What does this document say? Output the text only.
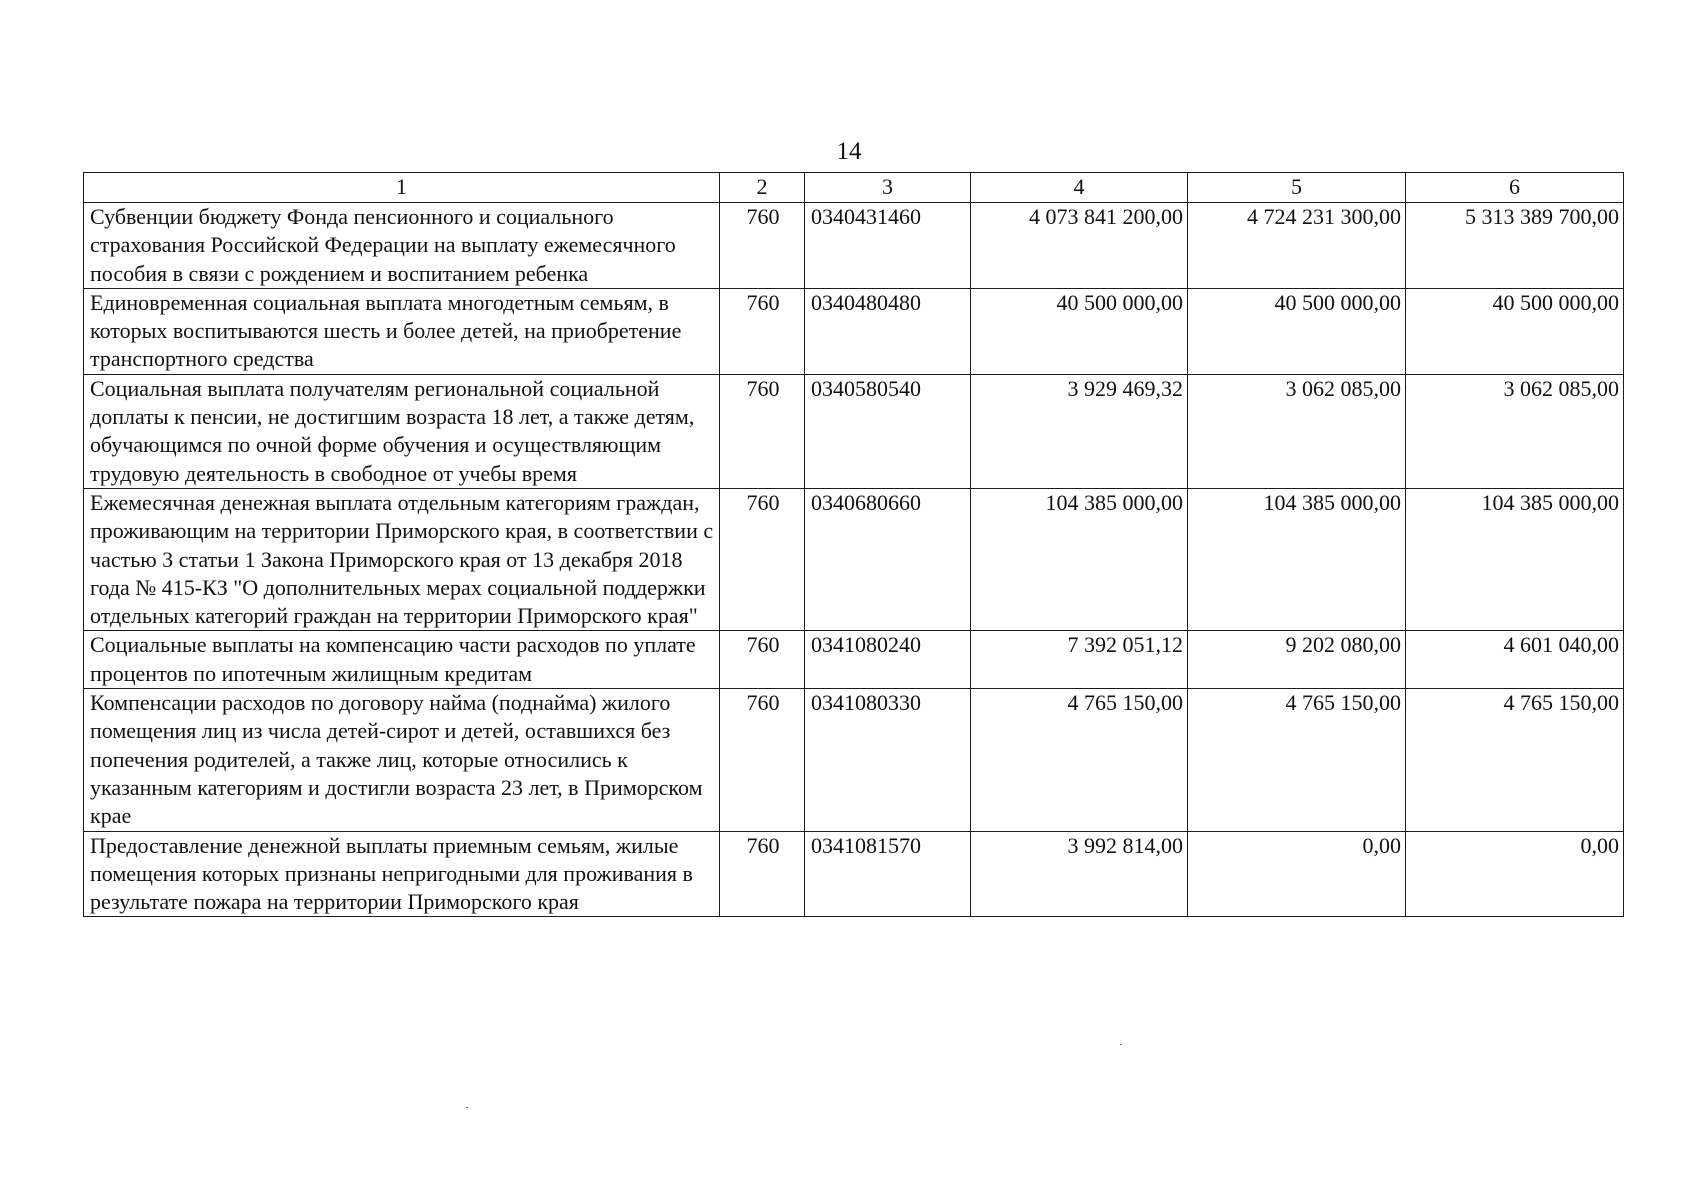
14
1	2	3	4	5	6
Субвенции бюджету Фонда пенсионного и социального страхования Российской Федерации на выплату ежемесячного пособия в связи с рождением и воспитанием ребенка	760	0340431460	4 073 841 200,00	4 724 231 300,00	5 313 389 700,00
Единовременная социальная выплата многодетным семьям, в которых воспитываются шесть и более детей, на приобретение транспортного средства	760	0340480480	40 500 000,00	40 500 000,00	40 500 000,00
Социальная выплата получателям региональной социальной доплаты к пенсии, не достигшим возраста 18 лет, а также детям, обучающимся по очной форме обучения и осуществляющим трудовую деятельность в свободное от учебы время	760	0340580540	3 929 469,32	3 062 085,00	3 062 085,00
Ежемесячная денежная выплата отдельным категориям граждан, проживающим на территории Приморского края, в соответствии с частью 3 статьи 1 Закона Приморского края от 13 декабря 2018 года № 415-КЗ "О дополнительных мерах социальной поддержки отдельных категорий граждан на территории Приморского края"	760	0340680660	104 385 000,00	104 385 000,00	104 385 000,00
Социальные выплаты на компенсацию части расходов по уплате процентов по ипотечным жилищным кредитам	760	0341080240	7 392 051,12	9 202 080,00	4 601 040,00
Компенсации расходов по договору найма (поднайма) жилого помещения лиц из числа детей-сирот и детей, оставшихся без попечения родителей, а также лиц, которые относились к указанным категориям и достигли возраста 23 лет, в Приморском крае	760	0341080330	4 765 150,00	4 765 150,00	4 765 150,00
Предоставление денежной выплаты приемным семьям, жилые помещения которых признаны непригодными для проживания в результате пожара на территории Приморского края	760	0341081570	3 992 814,00	0,00	0,00
